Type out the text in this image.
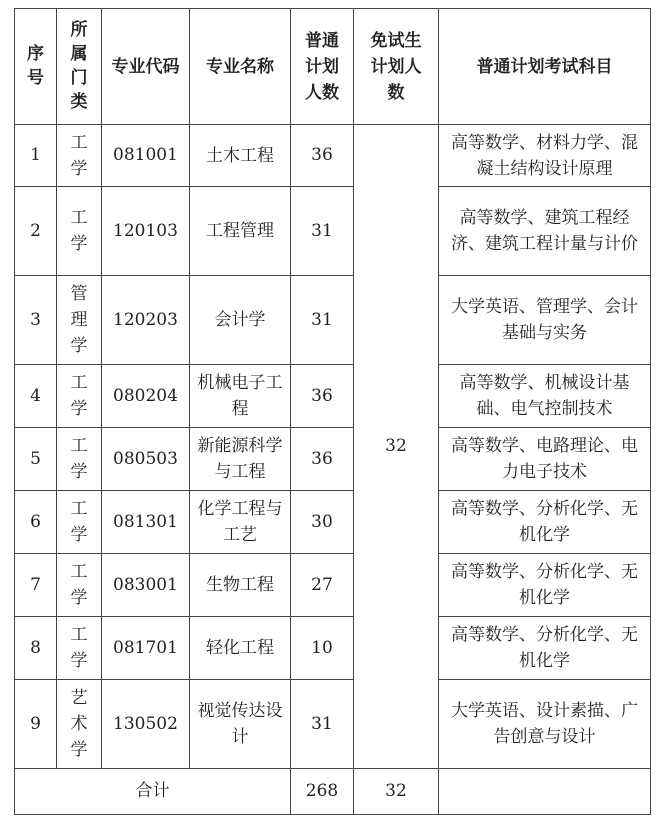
序号	所属门类	专业代码	专业名称	普通计划人数	免试生计划人数	普通计划考试科目
1	工学	081001	土木工程	36	32	高等数学、材料力学、混凝土结构设计原理
2	工学	120103	工程管理	31		高等数学、建筑工程经济、建筑工程计量与计价
3	管理学	120203	会计学	31		大学英语、管理学、会计基础与实务
4	工学	080204	机械电子工程	36		高等数学、机械设计基础、电气控制技术
5	工学	080503	新能源科学与工程	36		高等数学、电路理论、电力电子技术
6	工学	081301	化学工程与工艺	30		高等数学、分析化学、无机化学
7	工学	083001	生物工程	27		高等数学、分析化学、无机化学
8	工学	081701	轻化工程	10		高等数学、分析化学、无机化学
9	艺术学	130502	视觉传达设计	31		大学英语、设计素描、广告创意与设计
合计				268	32	
